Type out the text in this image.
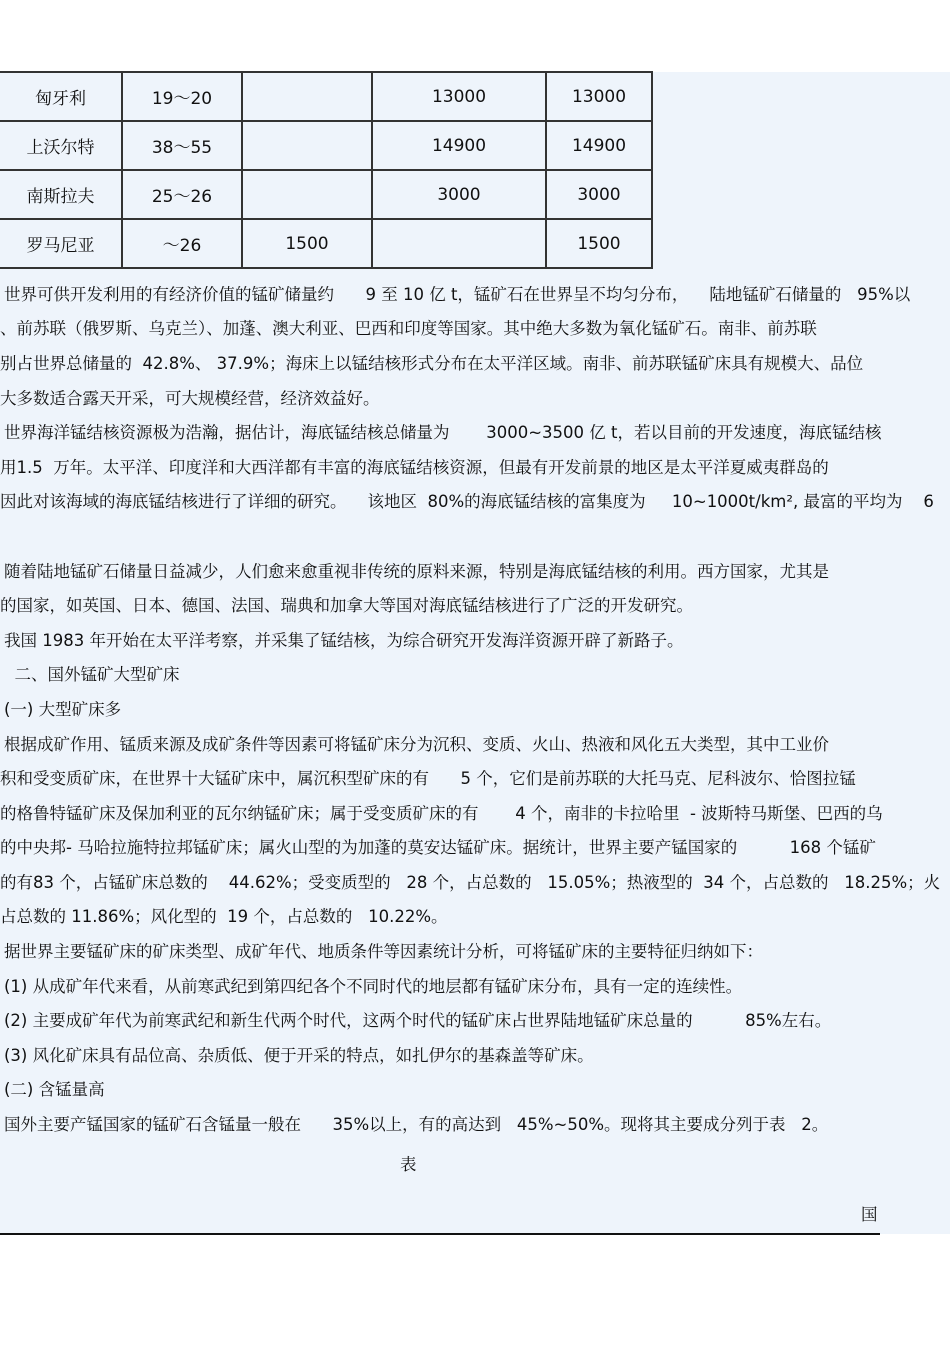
匈牙利	19～20		13000	13000
上沃尔特	38～55		14900	14900
南斯拉夫	25～26		3000	3000
罗马尼亚	～26	1500		1500
世界可供开发利用的有经济价值的锰矿储量约      9 至 10 亿 t，锰矿石在世界呈不均匀分布，    陆地锰矿石储量的   95%以
、前苏联（俄罗斯、乌克兰）、加蓬、澳大利亚、巴西和印度等国家。其中绝大多数为氧化锰矿石。南非、前苏联
别占世界总储量的  42.8%、 37.9%；海床上以锰结核形式分布在太平洋区域。南非、前苏联锰矿床具有规模大、品位
大多数适合露天开采，可大规模经营，经济效益好。
世界海洋锰结核资源极为浩瀚，据估计，海底锰结核总储量为       3000~3500 亿 t，若以目前的开发速度，海底锰结核
用1.5  万年。太平洋、印度洋和大西洋都有丰富的海底锰结核资源，但最有开发前景的地区是太平洋夏威夷群岛的
因此对该海域的海底锰结核进行了详细的研究。    该地区  80%的海底锰结核的富集度为     10~1000t/km², 最富的平均为    6
随着陆地锰矿石储量日益减少，人们愈来愈重视非传统的原料来源，特别是海底锰结核的利用。西方国家，尤其是
的国家，如英国、日本、德国、法国、瑞典和加拿大等国对海底锰结核进行了广泛的开发研究。
我国 1983 年开始在太平洋考察，并采集了锰结核，为综合研究开发海洋资源开辟了新路子。
二、国外锰矿大型矿床
(一) 大型矿床多
根据成矿作用、锰质来源及成矿条件等因素可将锰矿床分为沉积、变质、火山、热液和风化五大类型，其中工业价
积和受变质矿床，在世界十大锰矿床中，属沉积型矿床的有      5 个，它们是前苏联的大托马克、尼科波尔、恰图拉锰
的格鲁特锰矿床及保加利亚的瓦尔纳锰矿床；属于受变质矿床的有       4 个，南非的卡拉哈里  - 波斯特马斯堡、巴西的乌
的中央邦- 马哈拉施特拉邦锰矿床；属火山型的为加蓬的莫安达锰矿床。据统计，世界主要产锰国家的          168 个锰矿
的有83 个，占锰矿床总数的    44.62%；受变质型的   28 个，占总数的   15.05%；热液型的  34 个，占总数的   18.25%；火
占总数的 11.86%；风化型的  19 个，占总数的   10.22%。
据世界主要锰矿床的矿床类型、成矿年代、地质条件等因素统计分析，可将锰矿床的主要特征归纳如下：
(1) 从成矿年代来看，从前寒武纪到第四纪各个不同时代的地层都有锰矿床分布，具有一定的连续性。
(2) 主要成矿年代为前寒武纪和新生代两个时代，这两个时代的锰矿床占世界陆地锰矿床总量的          85%左右。
(3) 风化矿床具有品位高、杂质低、便于开采的特点，如扎伊尔的基森盖等矿床。
(二) 含锰量高
国外主要产锰国家的锰矿石含锰量一般在      35%以上，有的高达到   45%~50%。现将其主要成分列于表   2。
表
国
